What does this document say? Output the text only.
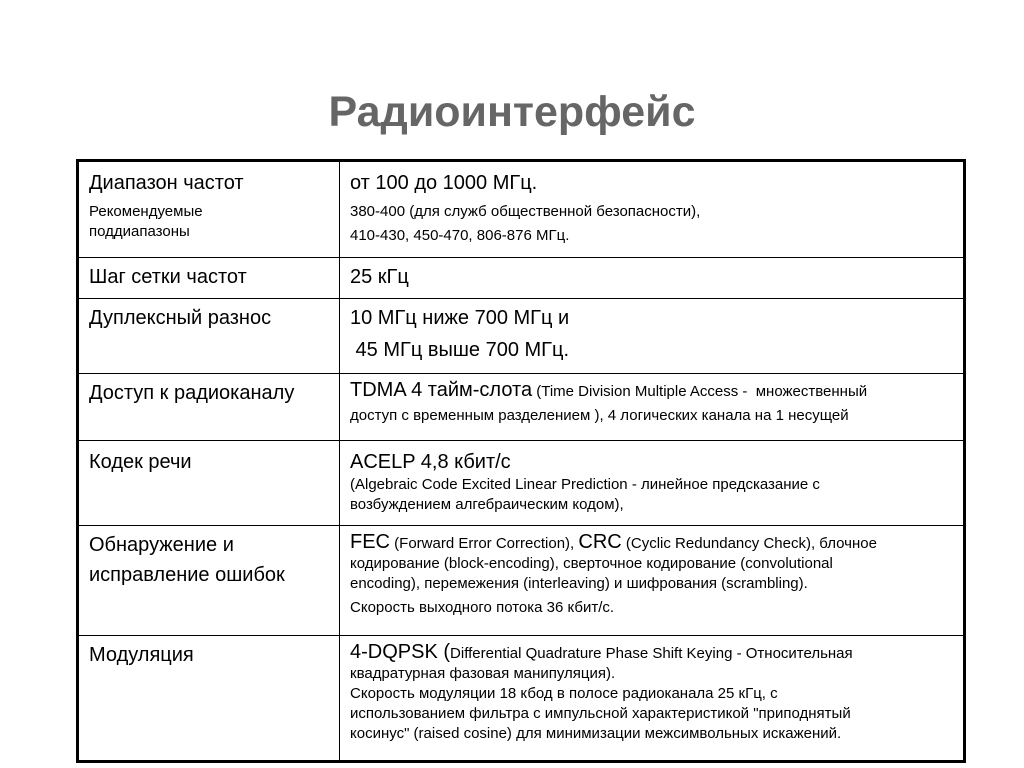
Радиоинтерфейс
Диапазон частот
Рекомендуемые
поддиапазоны	от 100 до 1000 МГц.
380-400 (для служб общественной безопасности),
410-430, 450-470, 806-876 МГц.

Шаг сетки частот	25 кГц

Дуплексный разнос	10 МГц ниже 700 МГц и
45 МГц выше 700 МГц.

Доступ к радиоканалу	TDMA 4 тайм-слота (Time Division Multiple Access -  множественный
доступ с временным разделением ), 4 логических канала на 1 несущей

Кодек речи	ACELP 4,8 кбит/с
(Algebraic Code Excited Linear Prediction - линейное предсказание с
возбуждением алгебраическим кодом),

Обнаружение и
исправление ошибок	FEC (Forward Error Correction), CRC (Cyclic Redundancy Check), блочное
кодирование (block-encoding), сверточное кодирование (convolutional
encoding), перемежения (interleaving) и шифрования (scrambling).
Скорость выходного потока 36 кбит/с.

Модуляция	4-DQPSK (Differential Quadrature Phase Shift Keying - Относительная
квадратурная фазовая манипуляция).
Скорость модуляции 18 кбод в полосе радиоканала 25 кГц, с
использованием фильтра с импульсной характеристикой "приподнятый
косинус" (raised cosine) для минимизации межсимвольных искажений.
